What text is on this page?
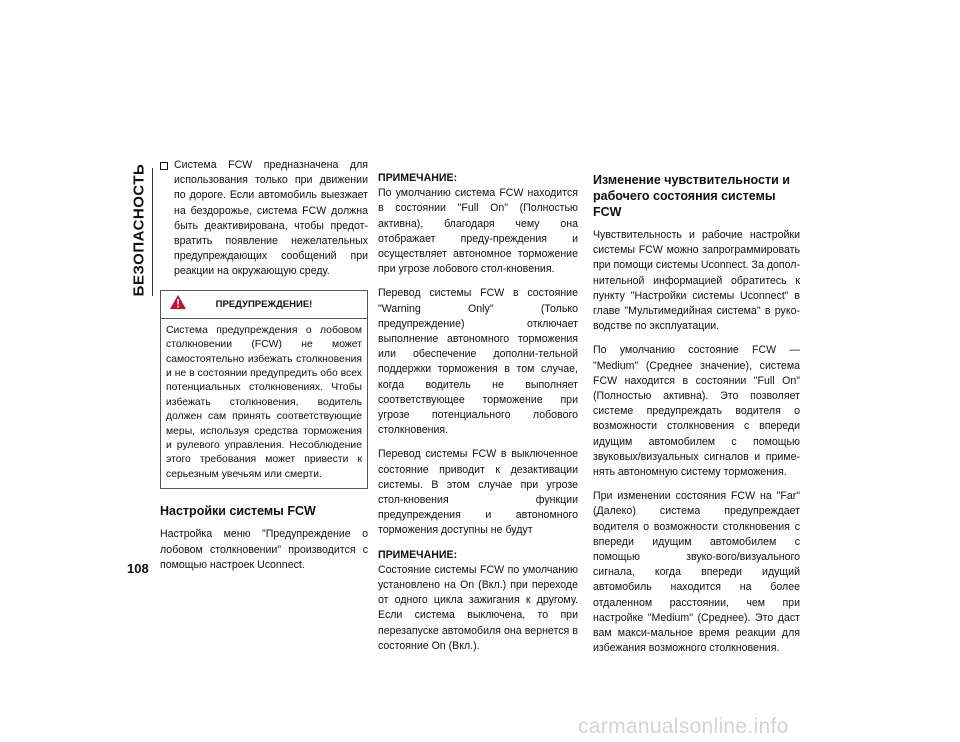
БЕЗОПАСНОСТЬ
108

Система FCW предназначена для использования только при движении по дороге. Если автомобиль выезжает на бездорожье, система FCW должна быть деактивирована, чтобы предот-вратить появление нежелательных предупреждающих сообщений при реакции на окружающую среду.

ПРЕДУПРЕЖДЕНИЕ!

Система предупреждения о лобовом столкновении (FCW) не может самостоятельно избежать столкновения и не в состоянии предупредить обо всех потенциальных столкновениях. Чтобы избежать столкновения, водитель должен сам принять соответствующие меры, используя средства торможения и рулевого управления. Несоблюдение этого требования может привести к серьезным увечьям или смерти.

Настройки системы FCW

Настройка меню "Предупреждение о лобовом столкновении" производится с помощью настроек Uconnect.

ПРИМЕЧАНИЕ:

По умолчанию система FCW находится в состоянии "Full On" (Полностью активна), благодаря чему она отображает преду-преждения и осуществляет автономное торможение при угрозе лобового стол-кновения.

Перевод системы FCW в состояние "Warning Only" (Только предупреждение) отключает выполнение автономного торможения или обеспечение дополни-тельной поддержки торможения в том случае, когда водитель не выполняет соответствующее торможение при угрозе потенциального лобового столкновения.

Перевод системы FCW в выключенное состояние приводит к дезактивации системы. В этом случае при угрозе стол-кновения функции предупреждения и автономного торможения доступны не будут

ПРИМЕЧАНИЕ:

Состояние системы FCW по умолчанию установлено на On (Вкл.) при переходе от одного цикла зажигания к другому. Если система выключена, то при перезапуске автомобиля она вернется в состояние On (Вкл.).

Изменение чувствительности и рабочего состояния системы FCW

Чувствительность и рабочие настройки системы FCW можно запрограммировать при помощи системы Uconnect. За допол-нительной информацией обратитесь к пункту "Настройки системы Uconnect" в главе "Мультимедийная система" в руко-водстве по эксплуатации.

По умолчанию состояние FCW — "Medium" (Среднее значение), система FCW находится в состоянии "Full On" (Полностью активна). Это позволяет системе предупреждать водителя о возможности столкновения с впереди идущим автомобилем с помощью звуковых/визуальных сигналов и приме-нять автономную систему торможения.

При изменении состояния FCW на "Far" (Далеко) система предупреждает водителя о возможности столкновения с впереди идущим автомобилем с помощью звуко-вого/визуального сигнала, когда впереди идущий автомобиль находится на более отдаленном расстоянии, чем при настройке "Medium" (Среднее). Это даст вам макси-мальное время реакции для избежания возможного столкновения.

carmanualsonline.info
